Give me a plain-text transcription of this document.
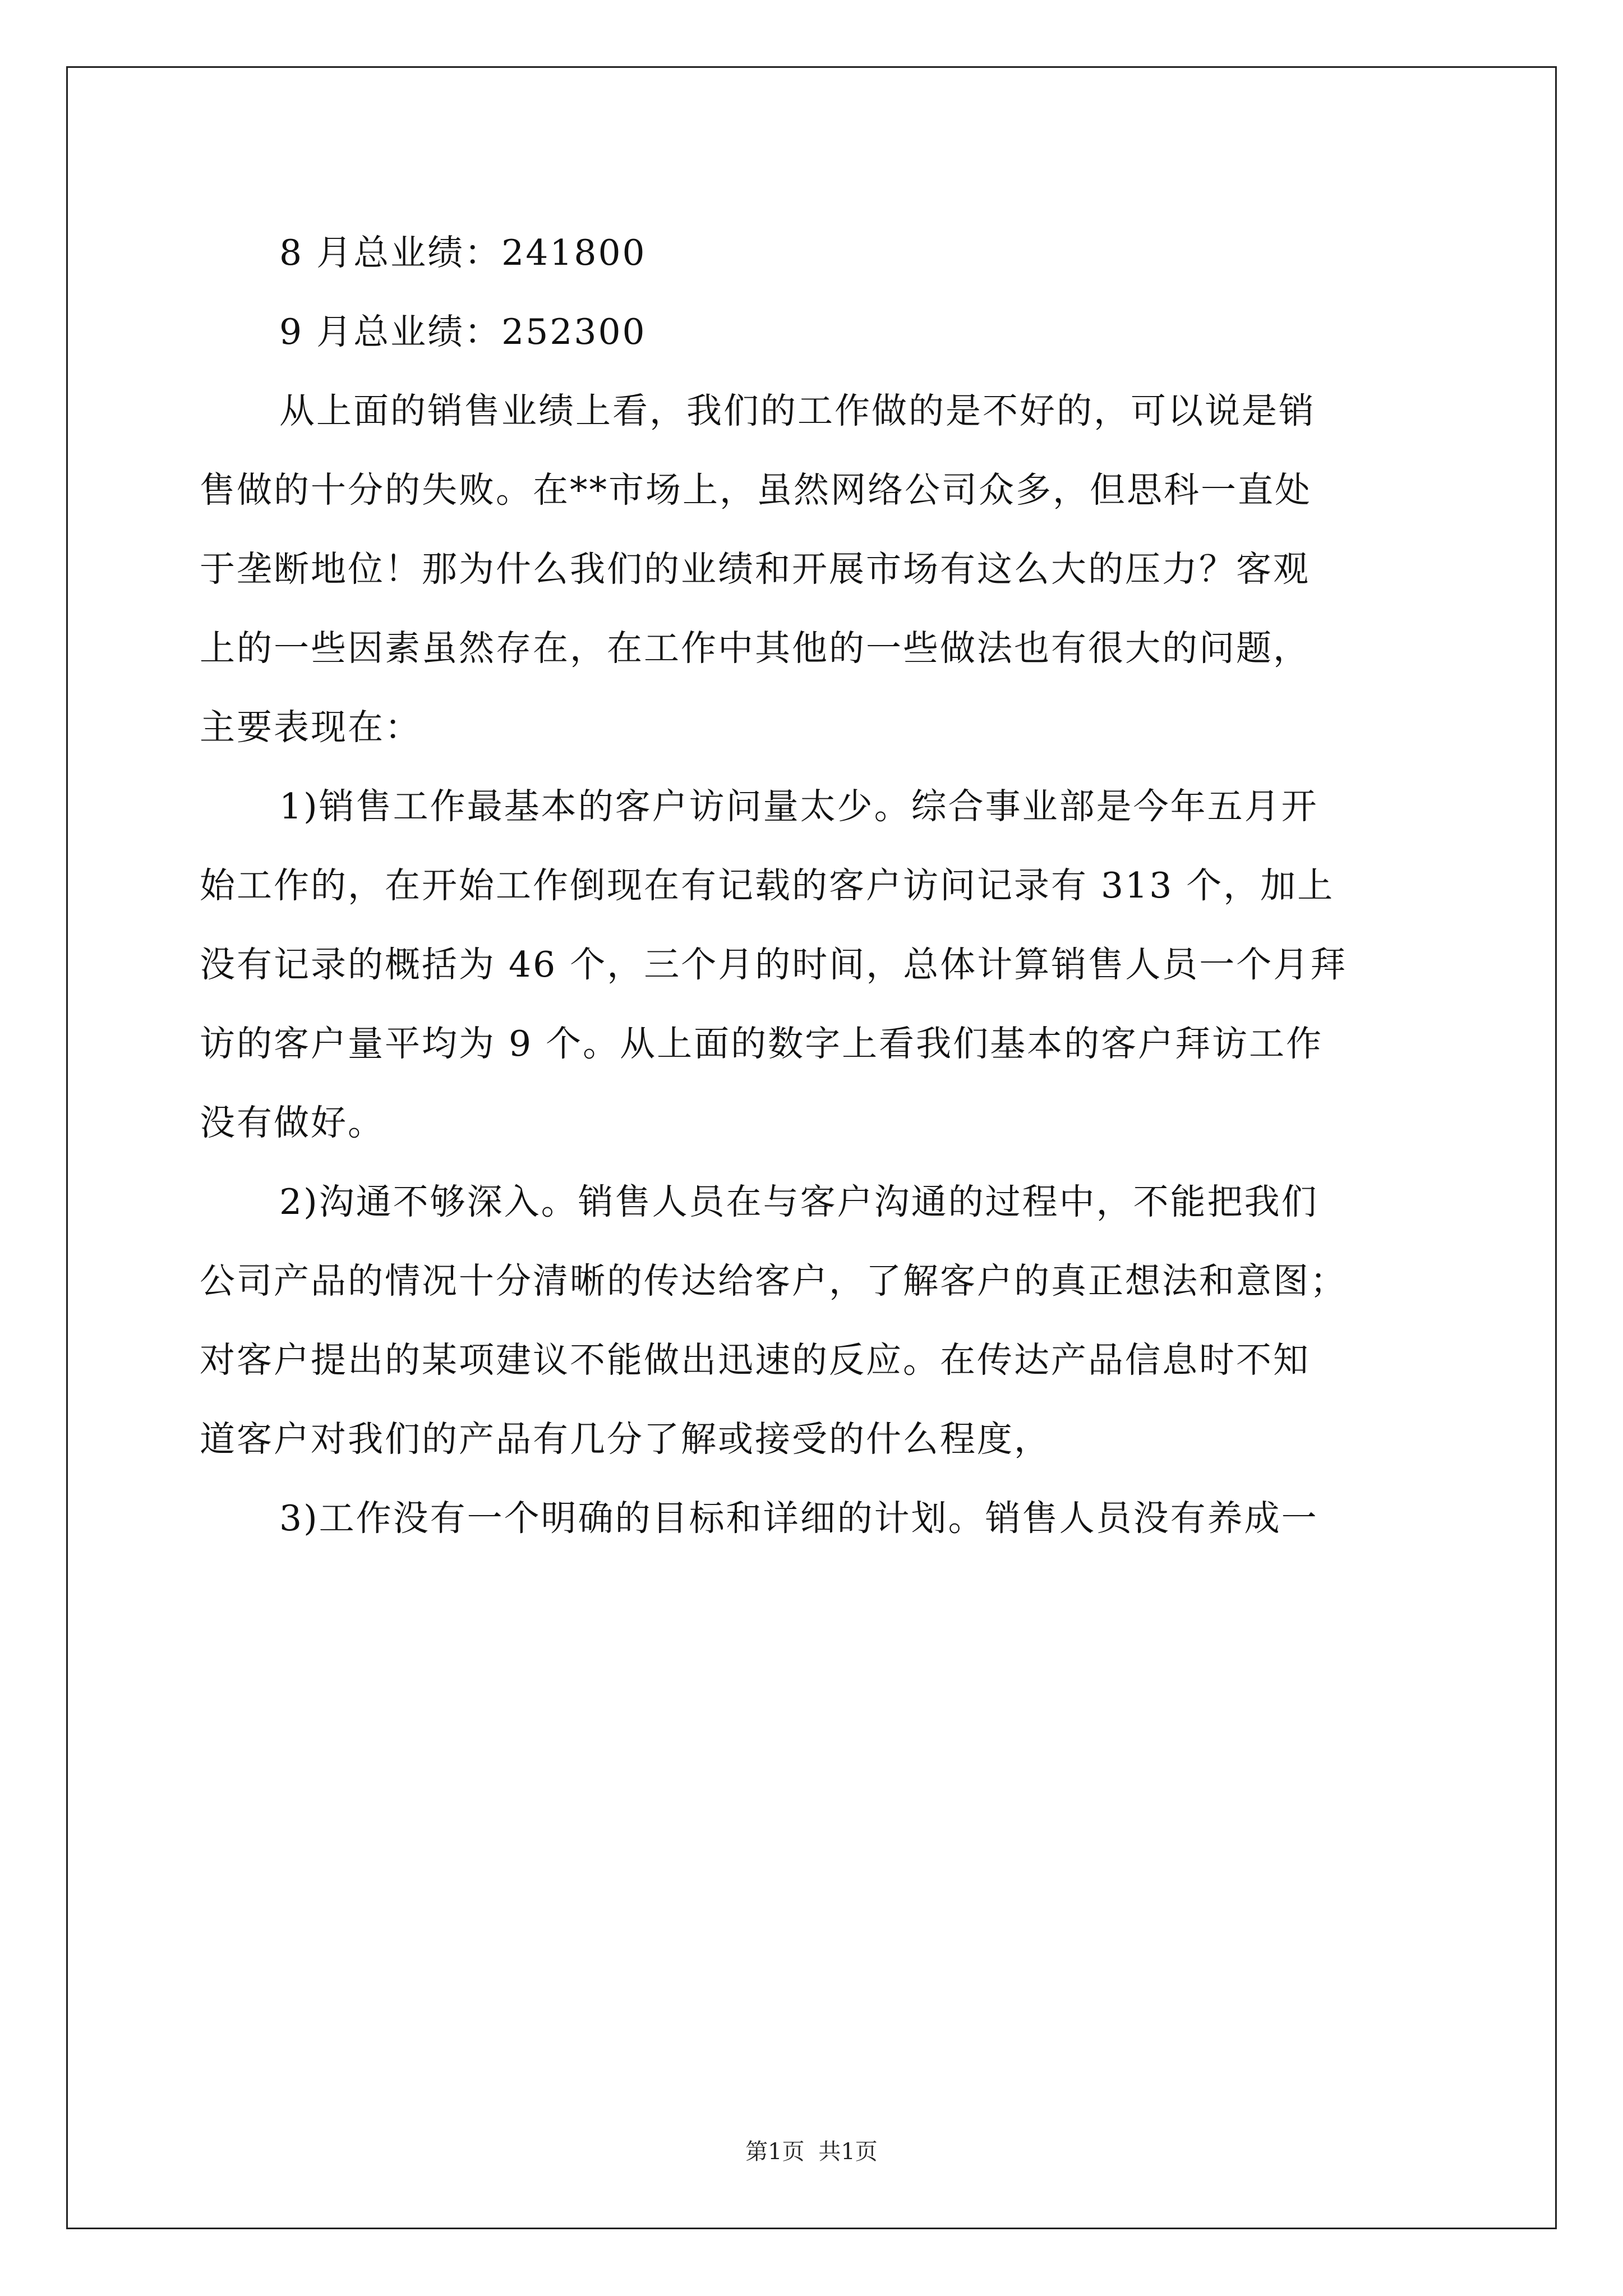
8 月总业绩：241800
9 月总业绩：252300
从上面的销售业绩上看，我们的工作做的是不好的，可以说是销
售做的十分的失败。在**市场上，虽然网络公司众多，但思科一直处
于垄断地位！那为什么我们的业绩和开展市场有这么大的压力？客观
上的一些因素虽然存在，在工作中其他的一些做法也有很大的问题，
主要表现在：
1)销售工作最基本的客户访问量太少。综合事业部是今年五月开
始工作的，在开始工作倒现在有记载的客户访问记录有 313 个，加上
没有记录的概括为 46 个，三个月的时间，总体计算销售人员一个月拜
访的客户量平均为 9 个。从上面的数字上看我们基本的客户拜访工作
没有做好。
2)沟通不够深入。销售人员在与客户沟通的过程中，不能把我们
公司产品的情况十分清晰的传达给客户，了解客户的真正想法和意图；
对客户提出的某项建议不能做出迅速的反应。在传达产品信息时不知
道客户对我们的产品有几分了解或接受的什么程度，
3)工作没有一个明确的目标和详细的计划。销售人员没有养成一
第1页 共1页
